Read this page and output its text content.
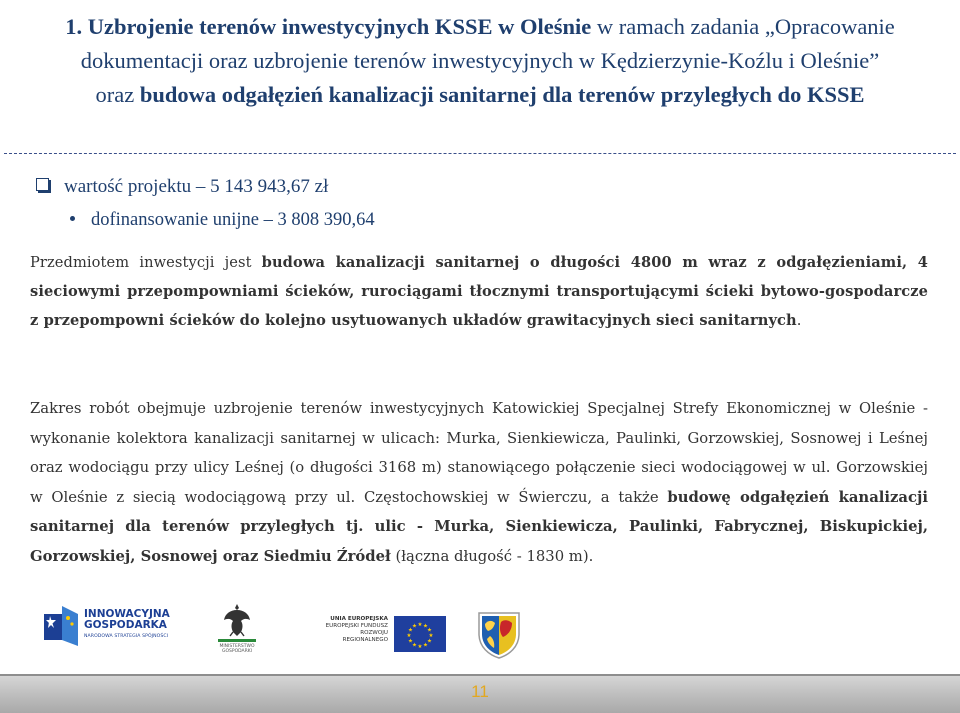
1. Uzbrojenie terenów inwestycyjnych KSSE w Oleśnie w ramach zadania „Opracowanie
dokumentacji oraz uzbrojenie terenów inwestycyjnych w Kędzierzynie-Koźlu i Oleśnie”
oraz budowa odgałęzień kanalizacji sanitarnej dla terenów przyległych do KSSE
wartość projektu – 5 143 943,67 zł
dofinansowanie unijne – 3 808 390,64

Przedmiotem inwestycji jest budowa kanalizacji sanitarnej o długości 4800 m wraz z odgałęzieniami, 4 sieciowymi przepompowniami ścieków, rurociągami tłocznymi transportującymi ścieki bytowo-gospodarcze z przepompowni ścieków do kolejno usytuowanych układów grawitacyjnych sieci sanitarnych.

Zakres robót obejmuje uzbrojenie terenów inwestycyjnych Katowickiej Specjalnej Strefy Ekonomicznej w Oleśnie - wykonanie kolektora kanalizacji sanitarnej w ulicach: Murka, Sienkiewicza, Paulinki, Gorzowskiej, Sosnowej i Leśnej oraz wodociągu przy ulicy Leśnej (o długości 3168 m) stanowiącego połączenie sieci wodociągowej w ul. Gorzowskiej w Oleśnie z siecią wodociągową przy ul. Częstochowskiej w Świerczu, a także budowę odgałęzień kanalizacji sanitarnej dla terenów przyległych tj. ulic - Murka, Sienkiewicza, Paulinki, Fabrycznej, Biskupickiej, Gorzowskiej, Sosnowej oraz Siedmiu Źródeł (łączna długość - 1830 m).

INNOWACYJNA
GOSPODARKA
NARODOWA STRATEGIA SPÓJNOŚCI
MINISTERSTWO
GOSPODARKI
UNIA EUROPEJSKA
EUROPEJSKI FUNDUSZ
ROZWOJU REGIONALNEGO
★ ★
★
★
★
★
★
★
★
★
★
★
11
